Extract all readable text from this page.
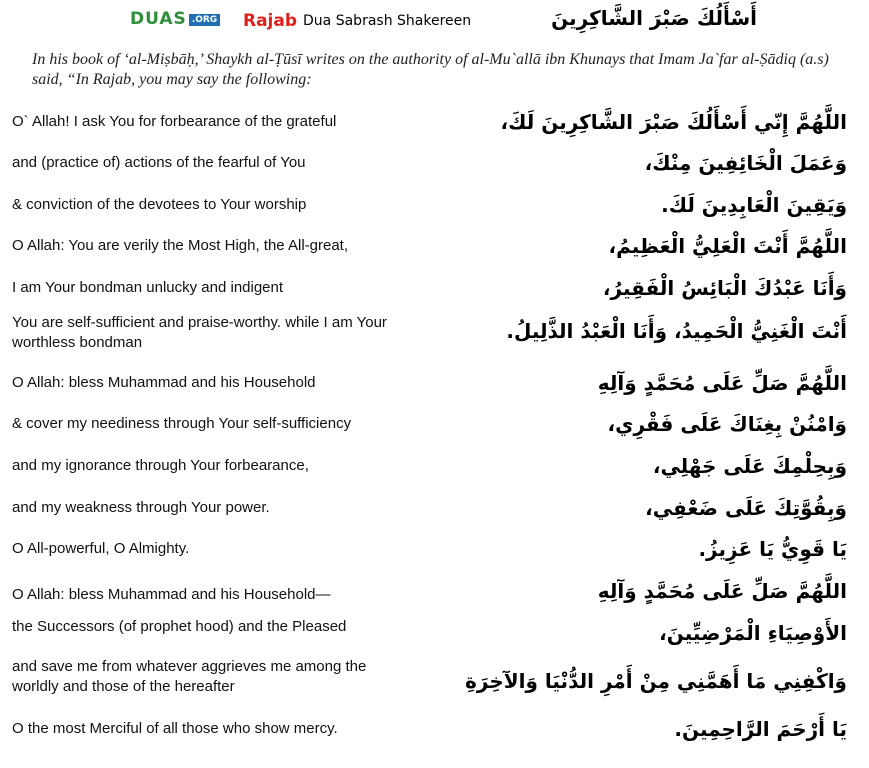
DUAS .ORG Rajab Dua Sabrash Shakereen	أَسْأَلُكَ صَبْرَ الشَّاكِرِينَ
In his book of ‘al-Miṣbāḥ,’ Shaykh al-Ṭūsī writes on the authority of al-Mu`allā ibn Khunays that Imam Ja`far al-Ṣādiq (a.s) said, “In Rajab, you may say the following:
O` Allah! I ask You for forbearance of the grateful	اللَّهُمَّ إِنّي أَسْأَلُكَ صَبْرَ الشَّاكِرِينَ لَكَ،
and (practice of) actions of the fearful of You	وَعَمَلَ الْخَائِفِينَ مِنْكَ،
& conviction of the devotees to Your worship	وَيَقِينَ الْعَابِدِينَ لَكَ.
O Allah: You are verily the Most High, the All-great,	اللَّهُمَّ أَنْتَ الْعَلِيُّ الْعَظِيمُ،
I am Your bondman unlucky and indigent	وَأَنَا عَبْدُكَ الْبَائِسُ الْفَقِيرُ،
You are self-sufficient and praise-worthy. while I am Your worthless bondman	أَنْتَ الْغَنِيُّ الْحَمِيدُ، وَأَنَا الْعَبْدُ الذَّلِيلُ.
O Allah: bless Muhammad and his Household	اللَّهُمَّ صَلِّ عَلَى مُحَمَّدٍ وَآلِهِ
& cover my neediness through Your self-sufficiency	وَامْنُنْ بِغِنَاكَ عَلَى فَقْرِي،
and my ignorance through Your forbearance,	وَبِحِلْمِكَ عَلَى جَهْلِي،
and my weakness through Your power.	وَبِقُوَّتِكَ عَلَى ضَعْفِي،
O All-powerful, O Almighty.	يَا قَوِيُّ يَا عَزِيزُ.
O Allah: bless Muhammad and his Household—	اللَّهُمَّ صَلِّ عَلَى مُحَمَّدٍ وَآلِهِ
the Successors (of prophet hood) and the Pleased	الأَوْصِيَاءِ الْمَرْضِيِّينَ،
and save me from whatever aggrieves me among the worldly and those of the hereafter	وَاكْفِنِي مَا أَهَمَّنِي مِنْ أَمْرِ الدُّنْيَا وَالآخِرَةِ
O the most Merciful of all those who show mercy.	يَا أَرْحَمَ الرَّاحِمِينَ.
